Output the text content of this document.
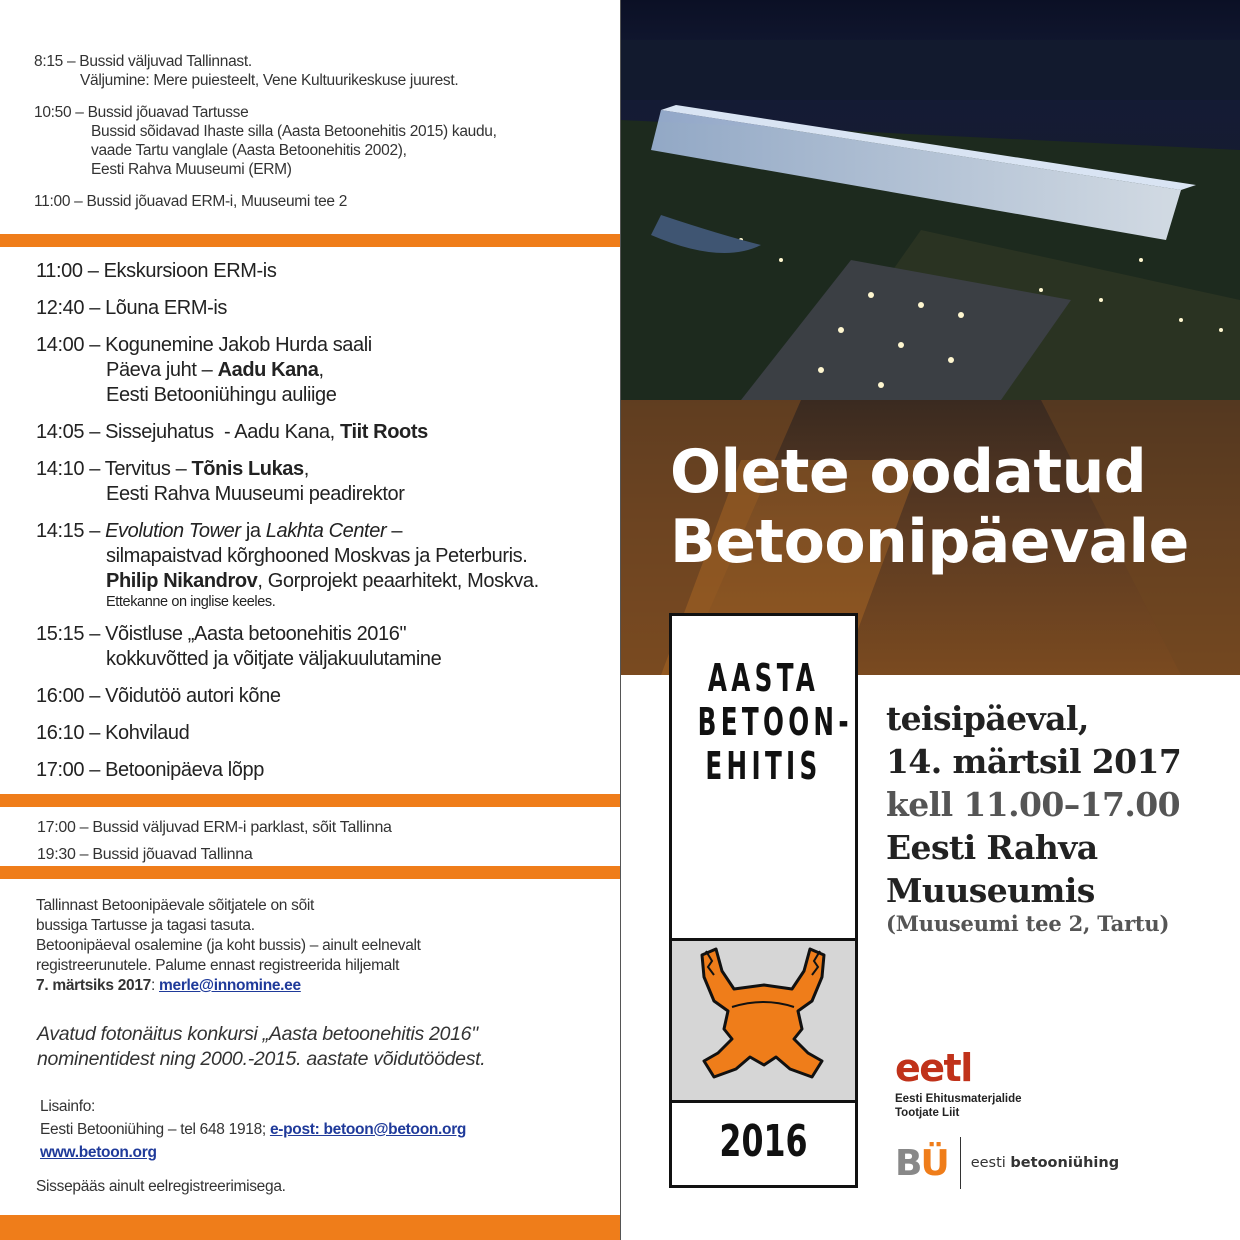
8:15 – Bussid väljuvad Tallinnast.
Väljumine: Mere puiesteelt, Vene Kultuurikeskuse juurest.
10:50 – Bussid jõuavad Tartusse
Bussid sõidavad Ihaste silla (Aasta Betoonehitis 2015) kaudu,
vaade Tartu vanglale (Aasta Betoonehitis 2002),
Eesti Rahva Muuseumi (ERM)
11:00 – Bussid jõuavad ERM-i, Muuseumi tee 2
11:00 – Ekskursioon ERM-is
12:40 – Lõuna ERM-is
14:00 – Kogunemine Jakob Hurda saali
Päeva juht – Aadu Kana,
Eesti Betooniühingu auliige
14:05 – Sissejuhatus  - Aadu Kana, Tiit Roots
14:10 – Tervitus – Tõnis Lukas,
Eesti Rahva Muuseumi peadirektor
14:15 – Evolution Tower ja Lakhta Center –
silmapaistvad kõrghooned Moskvas ja Peterburis.
Philip Nikandrov, Gorprojekt peaarhitekt, Moskva.
Ettekanne on inglise keeles.
15:15 – Võistluse „Aasta betoonehitis 2016"
kokkuvõtted ja võitjate väljakuulutamine
16:00 – Võidutöö autori kõne
16:10 – Kohvilaud
17:00 – Betoonipäeva lõpp
17:00 – Bussid väljuvad ERM-i parklast, sõit Tallinna
19:30 – Bussid jõuavad Tallinna
Tallinnast Betoonipäevale sõitjatele on sõit
bussiga Tartusse ja tagasi tasuta.
Betoonipäeval osalemine (ja koht bussis) – ainult eelnevalt
registreerunutele. Palume ennast registreerida hiljemalt
7. märtsiks 2017: merle@innomine.ee
Avatud fotonäitus konkursi „Aasta betoonehitis 2016"
nominentidest ning 2000.-2015. aastate võidutöödest.
Lisainfo:
Eesti Betooniühing – tel 648 1918; e-post: betoon@betoon.org
www.betoon.org
Sissepääs ainult eelregistreerimisega.
Olete oodatud
Betoonipäevale
AASTA
BETOON-
EHITIS
2016
teisipäeval,
14. märtsil 2017
kell 11.00–17.00
Eesti Rahva
Muuseumis
(Muuseumi tee 2, Tartu)
eetl
Eesti Ehitusmaterjalide
Tootjate Liit
BÜ eesti betooniühing
